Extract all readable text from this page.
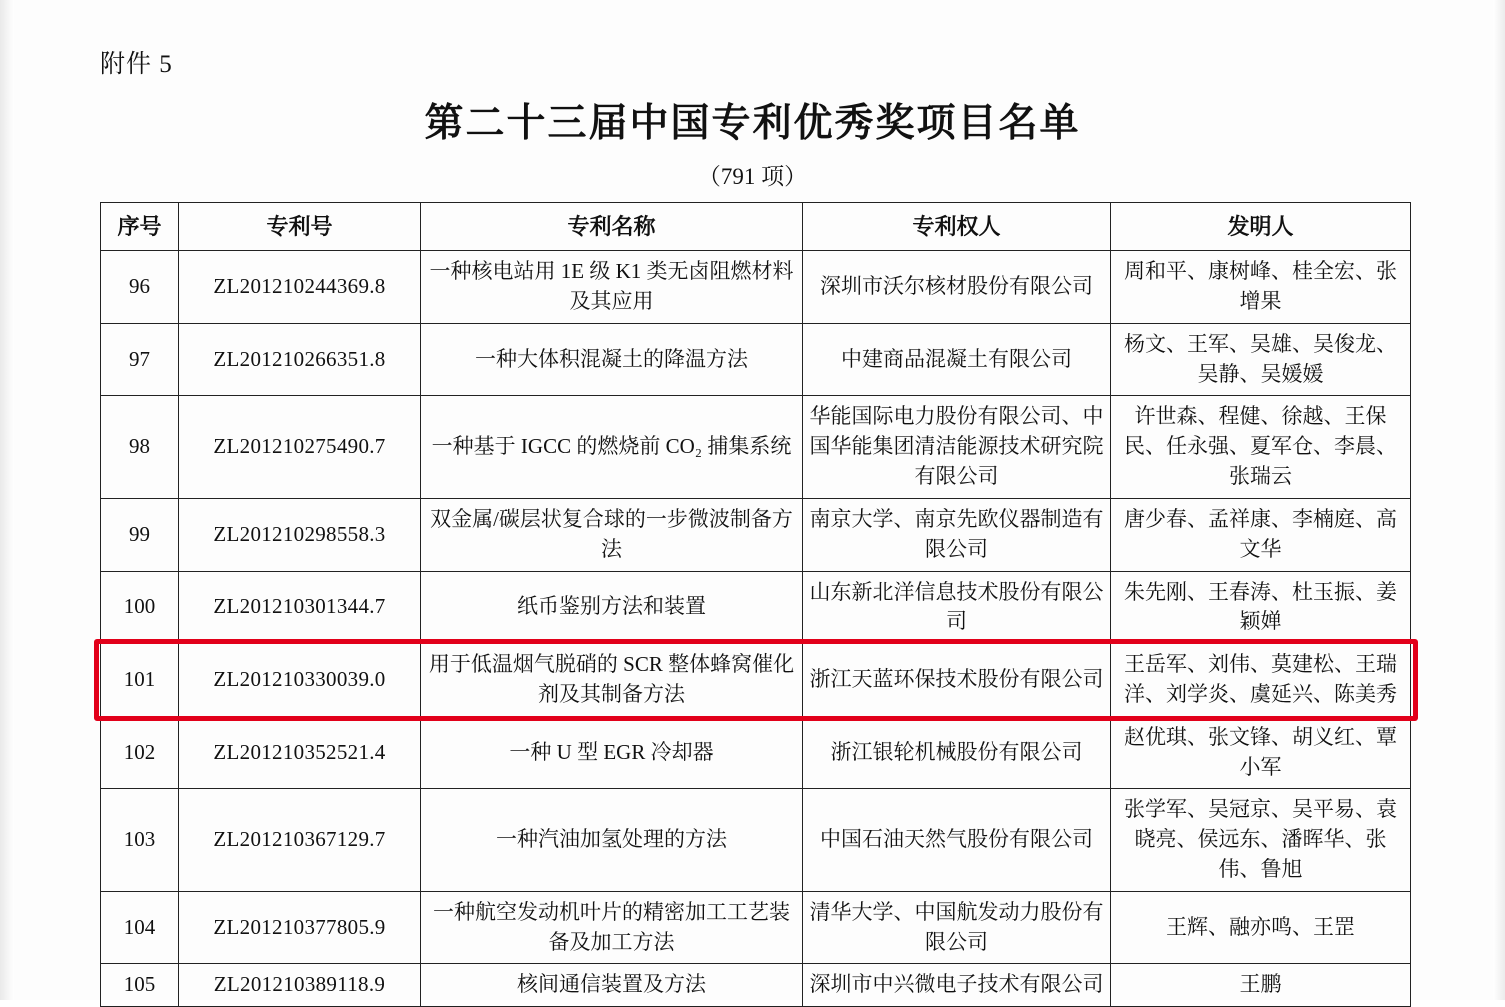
附件 5
第二十三届中国专利优秀奖项目名单
（791 项）
序号	专利号	专利名称	专利权人	发明人
96	ZL201210244369.8	一种核电站用 1E 级 K1 类无卤阻燃材料及其应用	深圳市沃尔核材股份有限公司	周和平、康树峰、桂全宏、张增果
97	ZL201210266351.8	一种大体积混凝土的降温方法	中建商品混凝土有限公司	杨文、王军、吴雄、吴俊龙、吴静、吴媛媛
98	ZL201210275490.7	一种基于 IGCC 的燃烧前 CO₂ 捕集系统	华能国际电力股份有限公司、中国华能集团清洁能源技术研究院有限公司	许世森、程健、徐越、王保民、任永强、夏军仓、李晨、张瑞云
99	ZL201210298558.3	双金属/碳层状复合球的一步微波制备方法	南京大学、南京先欧仪器制造有限公司	唐少春、孟祥康、李楠庭、高文华
100	ZL201210301344.7	纸币鉴别方法和装置	山东新北洋信息技术股份有限公司	朱先刚、王春涛、杜玉振、姜颖婵
101	ZL201210330039.0	用于低温烟气脱硝的 SCR 整体蜂窝催化剂及其制备方法	浙江天蓝环保技术股份有限公司	王岳军、刘伟、莫建松、王瑞洋、刘学炎、虞延兴、陈美秀
102	ZL201210352521.4	一种 U 型 EGR 冷却器	浙江银轮机械股份有限公司	赵优琪、张文锋、胡义红、覃小军
103	ZL201210367129.7	一种汽油加氢处理的方法	中国石油天然气股份有限公司	张学军、吴冠京、吴平易、袁晓亮、侯远东、潘晖华、张伟、鲁旭
104	ZL201210377805.9	一种航空发动机叶片的精密加工工艺装备及加工方法	清华大学、中国航发动力股份有限公司	王辉、融亦鸣、王罡
105	ZL201210389118.9	核间通信装置及方法	深圳市中兴微电子技术有限公司	王鹏
